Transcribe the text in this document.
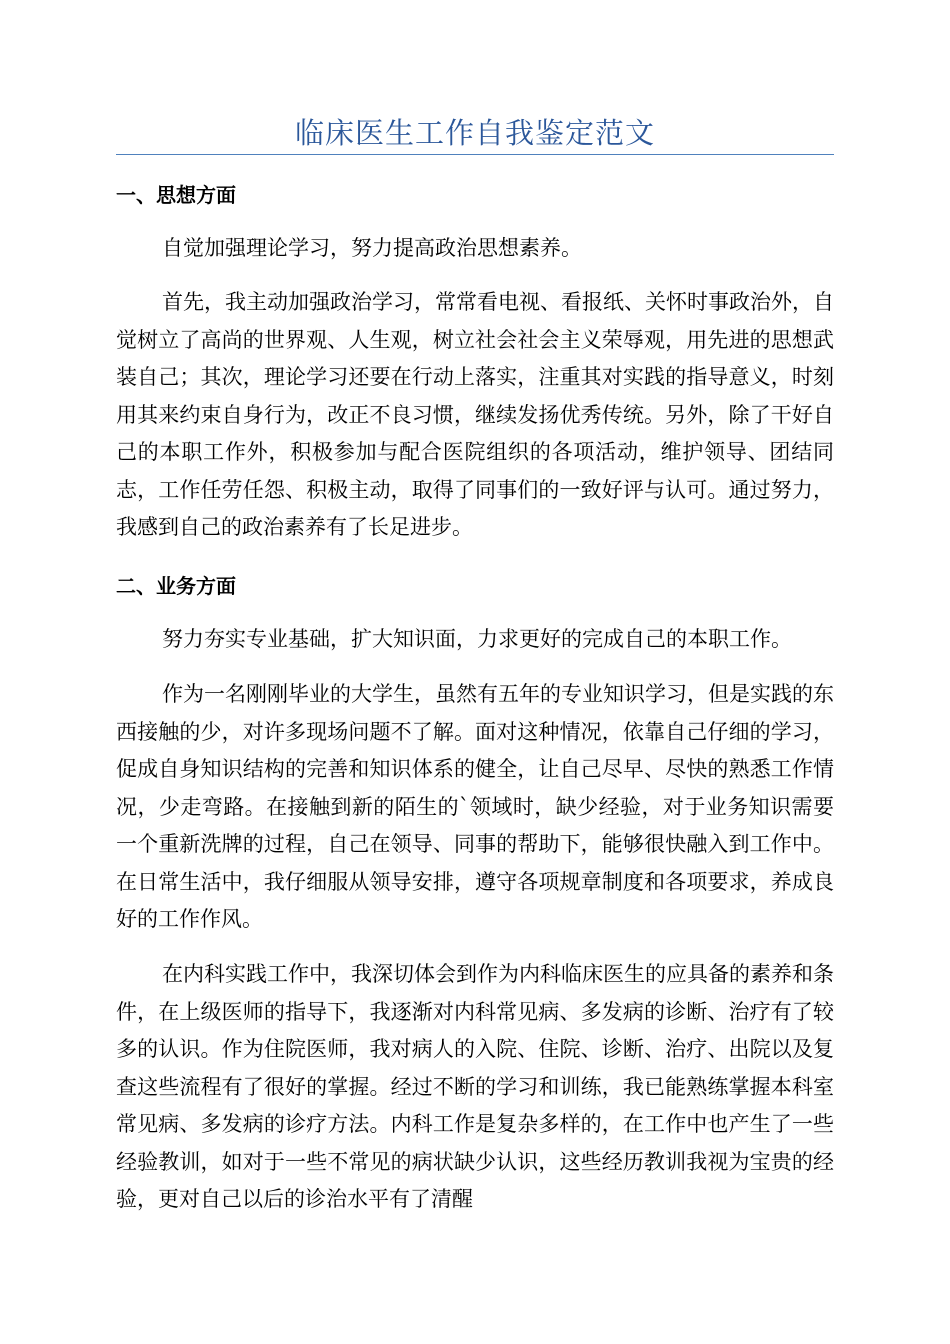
临床医生工作自我鉴定范文
一、思想方面

自觉加强理论学习，努力提高政治思想素养。

首先，我主动加强政治学习，常常看电视、看报纸、关怀时事政治外，自觉树立了高尚的世界观、人生观，树立社会社会主义荣辱观，用先进的思想武装自己；其次，理论学习还要在行动上落实，注重其对实践的指导意义，时刻用其来约束自身行为，改正不良习惯，继续发扬优秀传统。另外，除了干好自己的本职工作外，积极参加与配合医院组织的各项活动，维护领导、团结同志，工作任劳任怨、积极主动，取得了同事们的一致好评与认可。通过努力，我感到自己的政治素养有了长足进步。

二、业务方面

努力夯实专业基础，扩大知识面，力求更好的完成自己的本职工作。

作为一名刚刚毕业的大学生，虽然有五年的专业知识学习，但是实践的东西接触的少，对许多现场问题不了解。面对这种情况，依靠自己仔细的学习，促成自身知识结构的完善和知识体系的健全，让自己尽早、尽快的熟悉工作情况，少走弯路。在接触到新的陌生的`领域时，缺少经验，对于业务知识需要一个重新洗牌的过程，自己在领导、同事的帮助下，能够很快融入到工作中。在日常生活中，我仔细服从领导安排，遵守各项规章制度和各项要求，养成良好的工作作风。

在内科实践工作中，我深切体会到作为内科临床医生的应具备的素养和条件，在上级医师的指导下，我逐渐对内科常见病、多发病的诊断、治疗有了较多的认识。作为住院医师，我对病人的入院、住院、诊断、治疗、出院以及复查这些流程有了很好的掌握。经过不断的学习和训练，我已能熟练掌握本科室常见病、多发病的诊疗方法。内科工作是复杂多样的，在工作中也产生了一些经验教训，如对于一些不常见的病状缺少认识，这些经历教训我视为宝贵的经验，更对自己以后的诊治水平有了清醒
